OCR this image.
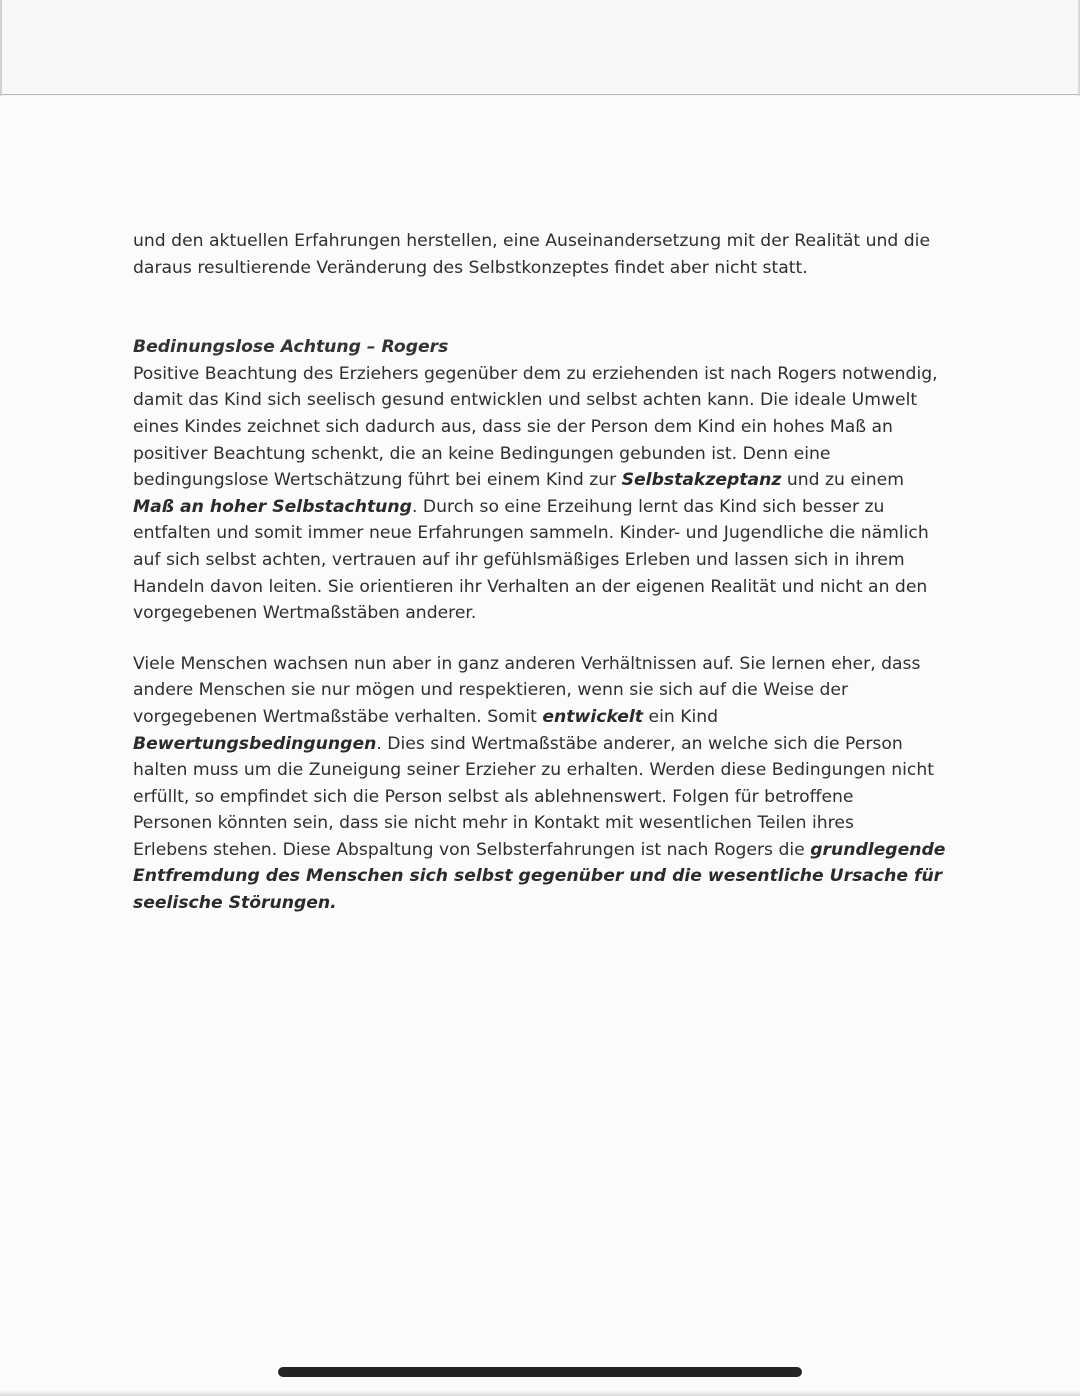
und den aktuellen Erfahrungen herstellen, eine Auseinandersetzung mit der Realität und die
daraus resultierende Veränderung des Selbstkonzeptes findet aber nicht statt.
Bedinungslose Achtung – Rogers
Positive Beachtung des Erziehers gegenüber dem zu erziehenden ist nach Rogers notwendig,
damit das Kind sich seelisch gesund entwicklen und selbst achten kann. Die ideale Umwelt
eines Kindes zeichnet sich dadurch aus, dass sie der Person dem Kind ein hohes Maß an
positiver Beachtung schenkt, die an keine Bedingungen gebunden ist. Denn eine
bedingungslose Wertschätzung führt bei einem Kind zur Selbstakzeptanz und zu einem
Maß an hoher Selbstachtung. Durch so eine Erzeihung lernt das Kind sich besser zu
entfalten und somit immer neue Erfahrungen sammeln. Kinder- und Jugendliche die nämlich
auf sich selbst achten, vertrauen auf ihr gefühlsmäßiges Erleben und lassen sich in ihrem
Handeln davon leiten. Sie orientieren ihr Verhalten an der eigenen Realität und nicht an den
vorgegebenen Wertmaßstäben anderer.
Viele Menschen wachsen nun aber in ganz anderen Verhältnissen auf. Sie lernen eher, dass
andere Menschen sie nur mögen und respektieren, wenn sie sich auf die Weise der
vorgegebenen Wertmaßstäbe verhalten. Somit entwickelt ein Kind
Bewertungsbedingungen. Dies sind Wertmaßstäbe anderer, an welche sich die Person
halten muss um die Zuneigung seiner Erzieher zu erhalten. Werden diese Bedingungen nicht
erfüllt, so empfindet sich die Person selbst als ablehnenswert. Folgen für betroffene
Personen könnten sein, dass sie nicht mehr in Kontakt mit wesentlichen Teilen ihres
Erlebens stehen. Diese Abspaltung von Selbsterfahrungen ist nach Rogers die grundlegende
Entfremdung des Menschen sich selbst gegenüber und die wesentliche Ursache für
seelische Störungen.
